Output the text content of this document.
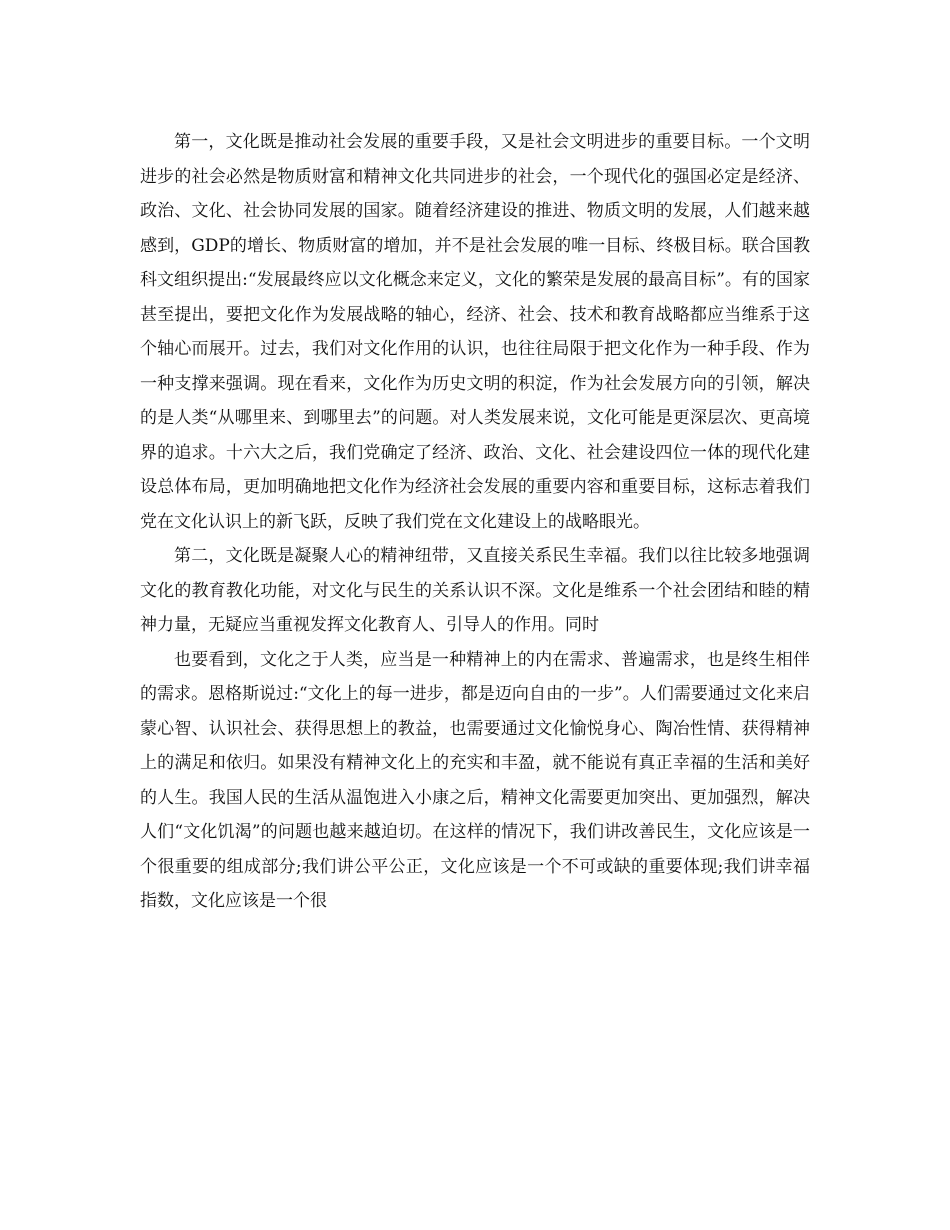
第一，文化既是推动社会发展的重要手段，又是社会文明进步的重要目标。一个文明进步的社会必然是物质财富和精神文化共同进步的社会，一个现代化的强国必定是经济、政治、文化、社会协同发展的国家。随着经济建设的推进、物质文明的发展，人们越来越感到，GDP的增长、物质财富的增加，并不是社会发展的唯一目标、终极目标。联合国教科文组织提出:“发展最终应以文化概念来定义，文化的繁荣是发展的最高目标”。有的国家甚至提出，要把文化作为发展战略的轴心，经济、社会、技术和教育战略都应当维系于这个轴心而展开。过去，我们对文化作用的认识，也往往局限于把文化作为一种手段、作为一种支撑来强调。现在看来，文化作为历史文明的积淀，作为社会发展方向的引领，解决的是人类“从哪里来、到哪里去”的问题。对人类发展来说，文化可能是更深层次、更高境界的追求。十六大之后，我们党确定了经济、政治、文化、社会建设四位一体的现代化建设总体布局，更加明确地把文化作为经济社会发展的重要内容和重要目标，这标志着我们党在文化认识上的新飞跃，反映了我们党在文化建设上的战略眼光。

第二，文化既是凝聚人心的精神纽带，又直接关系民生幸福。我们以往比较多地强调文化的教育教化功能，对文化与民生的关系认识不深。文化是维系一个社会团结和睦的精神力量，无疑应当重视发挥文化教育人、引导人的作用。同时

也要看到，文化之于人类，应当是一种精神上的内在需求、普遍需求，也是终生相伴的需求。恩格斯说过:“文化上的每一进步，都是迈向自由的一步”。人们需要通过文化来启蒙心智、认识社会、获得思想上的教益，也需要通过文化愉悦身心、陶冶性情、获得精神上的满足和依归。如果没有精神文化上的充实和丰盈，就不能说有真正幸福的生活和美好的人生。我国人民的生活从温饱进入小康之后，精神文化需要更加突出、更加强烈，解决人们“文化饥渴”的问题也越来越迫切。在这样的情况下，我们讲改善民生，文化应该是一个很重要的组成部分;我们讲公平公正，文化应该是一个不可或缺的重要体现;我们讲幸福指数，文化应该是一个很
